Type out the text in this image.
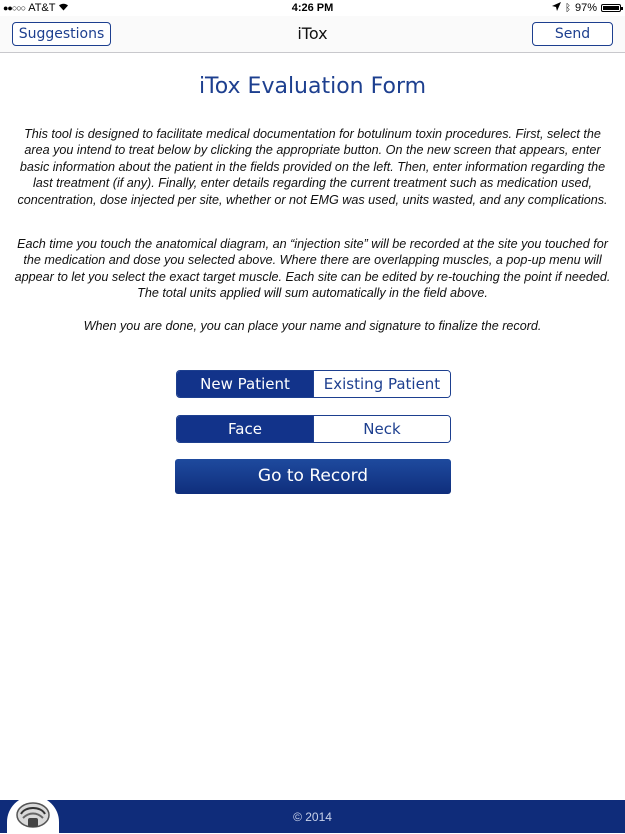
●●○○○ AT&T	4:26 PM	ᛒ 97%
Suggestions	iTox	Send
iTox Evaluation Form
This tool is designed to facilitate medical documentation for botulinum toxin procedures. First, select the area you intend to treat below by clicking the appropriate button. On the new screen that appears, enter basic information about the patient in the fields provided on the left. Then, enter information regarding the last treatment (if any). Finally, enter details regarding the current treatment such as medication used, concentration, dose injected per site, whether or not EMG was used, units wasted, and any complications.
Each time you touch the anatomical diagram, an “injection site” will be recorded at the site you touched for the medication and dose you selected above. Where there are overlapping muscles, a pop-up menu will appear to let you select the exact target muscle. Each site can be edited by re-touching the point if needed. The total units applied will sum automatically in the field above.
When you are done, you can place your name and signature to finalize the record.
New Patient	Existing Patient
Face	Neck
Go to Record
© 2014
